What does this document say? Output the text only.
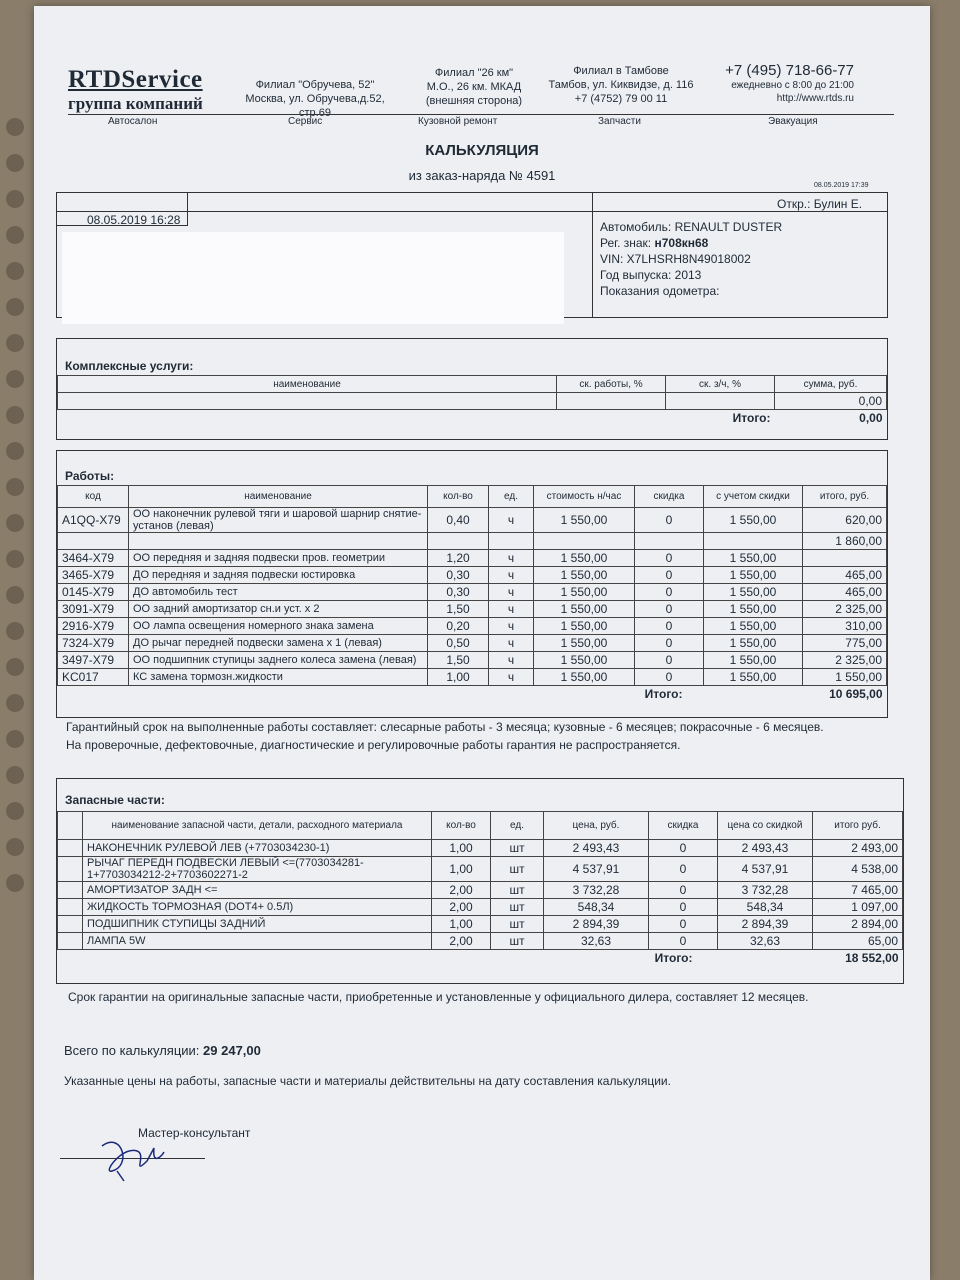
RTDService
группа компаний
Филиал "Обручева, 52"
Москва, ул. Обручева,д.52, стр.69
Филиал "26 км"
М.О., 26 км. МКАД
(внешняя сторона)
Филиал в Тамбове
Тамбов, ул. Киквидзе, д. 116
+7 (4752) 79 00 11
+7 (495) 718-66-77
ежедневно с 8:00 до 21:00
http://www.rtds.ru
Автосалон	Сервис	Кузовной ремонт	Запчасти	Эвакуация
КАЛЬКУЛЯЦИЯ
из заказ-наряда № 4591
08.05.2019 17:39
08.05.2019 16:28
Откр.: Булин Е.
Автомобиль: RENAULT DUSTER
Рег. знак: н708кн68
VIN: X7LHSRH8N49018002
Год выпуска: 2013
Показания одометра:
Комплексные услуги:
наименование	ск. работы, %	ск. з/ч, %	сумма, руб.
			0,00
Итого:			0,00
Работы:
код	наименование	кол-во	ед.	стоимость н/час	скидка	с учетом скидки	итого, руб.
A1QQ-X79	ОО наконечник рулевой тяги и шаровой шарнир снятие-установ (левая)	0,40	ч	1 550,00	0	1 550,00	620,00
							1 860,00
3464-X79	ОО передняя и задняя подвески пров. геометрии	1,20	ч	1 550,00	0	1 550,00	
3465-X79	ДО передняя и задняя подвески юстировка	0,30	ч	1 550,00	0	1 550,00	465,00
0145-X79	ДО автомобиль тест	0,30	ч	1 550,00	0	1 550,00	465,00
3091-X79	ОО задний амортизатор сн.и уст. х 2	1,50	ч	1 550,00	0	1 550,00	2 325,00
2916-X79	ОО лампа освещения номерного знака замена	0,20	ч	1 550,00	0	1 550,00	310,00
7324-X79	ДО рычаг передней подвески замена х 1 (левая)	0,50	ч	1 550,00	0	1 550,00	775,00
3497-X79	ОО подшипник ступицы заднего колеса замена (левая)	1,50	ч	1 550,00	0	1 550,00	2 325,00
KC017	КС замена тормозн.жидкости	1,00	ч	1 550,00	0	1 550,00	1 550,00
Итого:							10 695,00
Гарантийный срок на выполненные работы составляет: слесарные работы - 3 месяца; кузовные - 6 месяцев; покрасочные - 6 месяцев.
На проверочные, дефектовочные, диагностические и регулировочные работы гарантия не распространяется.
Запасные части:
	наименование запасной части, детали, расходного материала	кол-во	ед.	цена, руб.	скидка	цена со скидкой	итого руб.
	НАКОНЕЧНИК РУЛЕВОЙ ЛЕВ (+7703034230-1)	1,00	шт	2 493,43	0	2 493,43	2 493,00
	РЫЧАГ ПЕРЕДН ПОДВЕСКИ ЛЕВЫЙ <=(7703034281-1+7703034212-2+7703602271-2	1,00	шт	4 537,91	0	4 537,91	4 538,00
	АМОРТИЗАТОР ЗАДН <=	2,00	шт	3 732,28	0	3 732,28	7 465,00
	ЖИДКОСТЬ ТОРМОЗНАЯ (DOT4+ 0.5Л)	2,00	шт	548,34	0	548,34	1 097,00
	ПОДШИПНИК СТУПИЦЫ ЗАДНИЙ	1,00	шт	2 894,39	0	2 894,39	2 894,00
	ЛАМПА 5W	2,00	шт	32,63	0	32,63	65,00
Итого:							18 552,00
Срок гарантии на оригинальные запасные части, приобретенные и установленные у официального дилера, составляет 12 месяцев.
Всего по калькуляции: 29 247,00
Указанные цены на работы, запасные части и материалы действительны на дату составления калькуляции.
Мастер-консультант
